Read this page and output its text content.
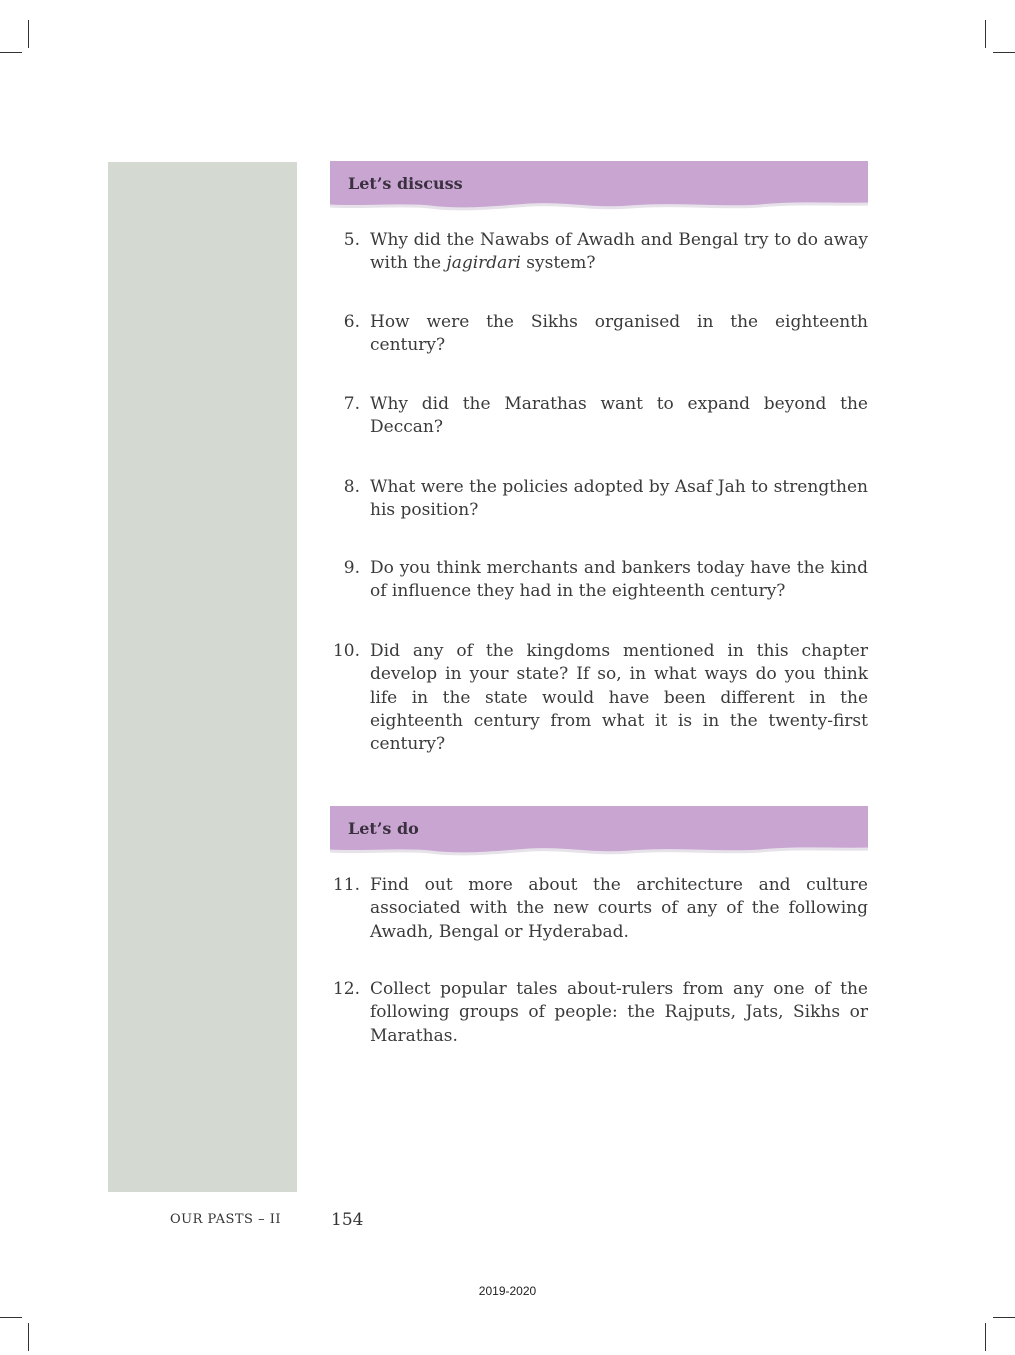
Let’s discuss
5. Why did the Nawabs of Awadh and Bengal try to do away with the jagirdari system?
6. How were the Sikhs organised in the eighteenth century?
7. Why did the Marathas want to expand beyond the Deccan?
8. What were the policies adopted by Asaf Jah to strengthen his position?
9. Do you think merchants and bankers today have the kind of influence they had in the eighteenth century?
10. Did any of the kingdoms mentioned in this chapter develop in your state? If so, in what ways do you think life in the state would have been different in the eighteenth century from what it is in the twenty-first century?
Let’s do
11. Find out more about the architecture and culture associated with the new courts of any of the following Awadh, Bengal or Hyderabad.
12. Collect popular tales about-rulers from any one of the following groups of people: the Rajputs, Jats, Sikhs or Marathas.
OUR PASTS – II	154
2019-2020
